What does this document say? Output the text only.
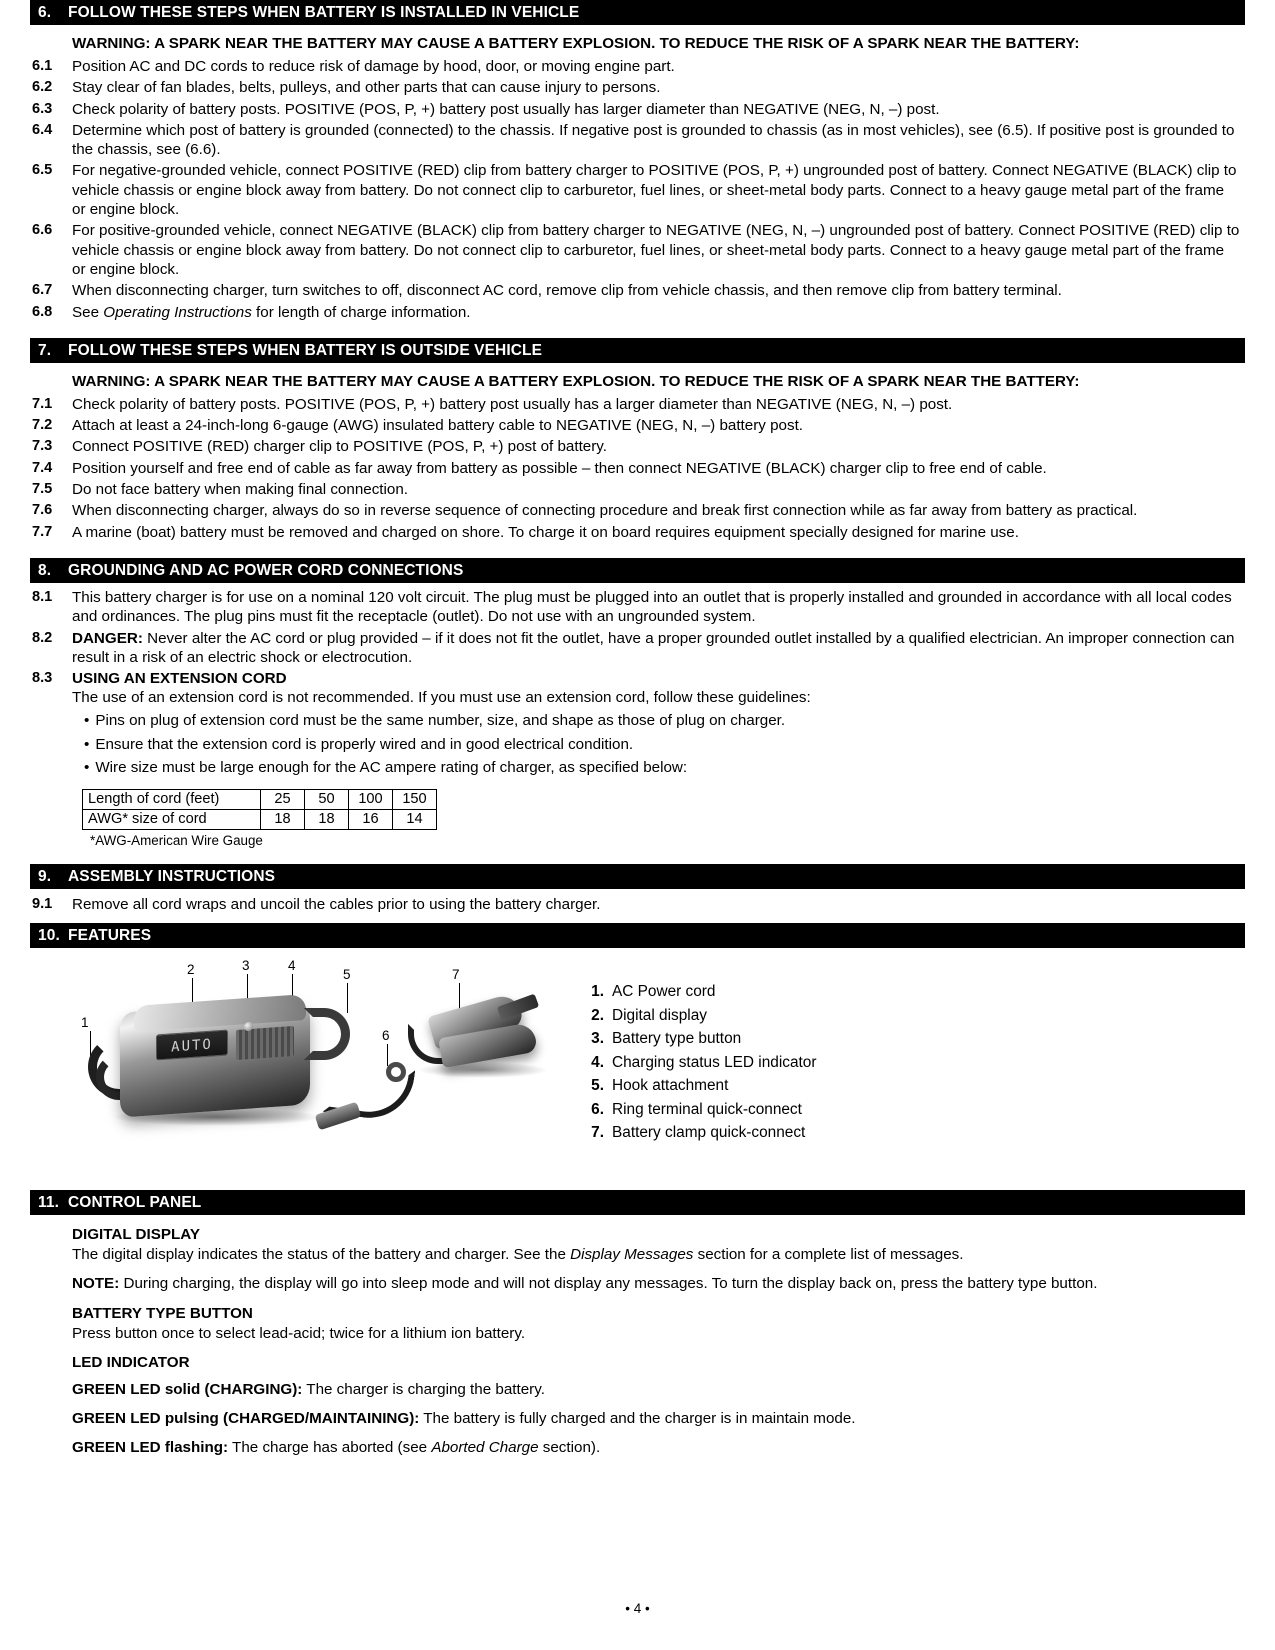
6.	FOLLOW THESE STEPS WHEN BATTERY IS INSTALLED IN VEHICLE
WARNING: A SPARK NEAR THE BATTERY MAY CAUSE A BATTERY EXPLOSION. TO REDUCE THE RISK OF A SPARK NEAR THE BATTERY:
6.1	Position AC and DC cords to reduce risk of damage by hood, door, or moving engine part.
6.2	Stay clear of fan blades, belts, pulleys, and other parts that can cause injury to persons.
6.3	Check polarity of battery posts. POSITIVE (POS, P, +) battery post usually has larger diameter than NEGATIVE (NEG, N, –) post.
6.4	Determine which post of battery is grounded (connected) to the chassis. If negative post is grounded to chassis (as in most vehicles), see (6.5). If positive post is grounded to the chassis, see (6.6).
6.5	For negative-grounded vehicle, connect POSITIVE (RED) clip from battery charger to POSITIVE (POS, P, +) ungrounded post of battery. Connect NEGATIVE (BLACK) clip to vehicle chassis or engine block away from battery. Do not connect clip to carburetor, fuel lines, or sheet-metal body parts. Connect to a heavy gauge metal part of the frame or engine block.
6.6	For positive-grounded vehicle, connect NEGATIVE (BLACK) clip from battery charger to NEGATIVE (NEG, N, –) ungrounded post of battery. Connect POSITIVE (RED) clip to vehicle chassis or engine block away from battery. Do not connect clip to carburetor, fuel lines, or sheet-metal body parts. Connect to a heavy gauge metal part of the frame or engine block.
6.7	When disconnecting charger, turn switches to off, disconnect AC cord, remove clip from vehicle chassis, and then remove clip from battery terminal.
6.8	See Operating Instructions for length of charge information.
7.	FOLLOW THESE STEPS WHEN BATTERY IS OUTSIDE VEHICLE
WARNING: A SPARK NEAR THE BATTERY MAY CAUSE A BATTERY EXPLOSION. TO REDUCE THE RISK OF A SPARK NEAR THE BATTERY:
7.1	Check polarity of battery posts. POSITIVE (POS, P, +) battery post usually has a larger diameter than NEGATIVE (NEG, N, –) post.
7.2	Attach at least a 24-inch-long 6-gauge (AWG) insulated battery cable to NEGATIVE (NEG, N, –) battery post.
7.3	Connect POSITIVE (RED) charger clip to POSITIVE (POS, P, +) post of battery.
7.4	Position yourself and free end of cable as far away from battery as possible – then connect NEGATIVE (BLACK) charger clip to free end of cable.
7.5	Do not face battery when making final connection.
7.6	When disconnecting charger, always do so in reverse sequence of connecting procedure and break first connection while as far away from battery as practical.
7.7	A marine (boat) battery must be removed and charged on shore. To charge it on board requires equipment specially designed for marine use.
8.	GROUNDING AND AC POWER CORD CONNECTIONS
8.1	This battery charger is for use on a nominal 120 volt circuit. The plug must be plugged into an outlet that is properly installed and grounded in accordance with all local codes and ordinances. The plug pins must fit the receptacle (outlet). Do not use with an ungrounded system.
8.2	DANGER: Never alter the AC cord or plug provided – if it does not fit the outlet, have a proper grounded outlet installed by a qualified electrician. An improper connection can result in a risk of an electric shock or electrocution.
8.3	USING AN EXTENSION CORD
The use of an extension cord is not recommended. If you must use an extension cord, follow these guidelines:
• Pins on plug of extension cord must be the same number, size, and shape as those of plug on charger.
• Ensure that the extension cord is properly wired and in good electrical condition.
• Wire size must be large enough for the AC ampere rating of charger, as specified below:
Length of cord (feet)	25	50	100	150
AWG* size of cord	18	18	16	14
*AWG-American Wire Gauge
9.	ASSEMBLY INSTRUCTIONS
9.1	Remove all cord wraps and uncoil the cables prior to using the battery charger.
10. FEATURES
2	3	4
5
1
6
7
AUTO
1. AC Power cord
2. Digital display
3. Battery type button
4. Charging status LED indicator
5. Hook attachment
6. Ring terminal quick-connect
7. Battery clamp quick-connect
11. CONTROL PANEL
DIGITAL DISPLAY
The digital display indicates the status of the battery and charger. See the Display Messages section for a complete list of messages.
NOTE: During charging, the display will go into sleep mode and will not display any messages. To turn the display back on, press the battery type button.
BATTERY TYPE BUTTON
Press button once to select lead-acid; twice for a lithium ion battery.
LED INDICATOR
GREEN LED solid (CHARGING): The charger is charging the battery.
GREEN LED pulsing (CHARGED/MAINTAINING): The battery is fully charged and the charger is in maintain mode.
GREEN LED flashing: The charge has aborted (see Aborted Charge section).
• 4 •
